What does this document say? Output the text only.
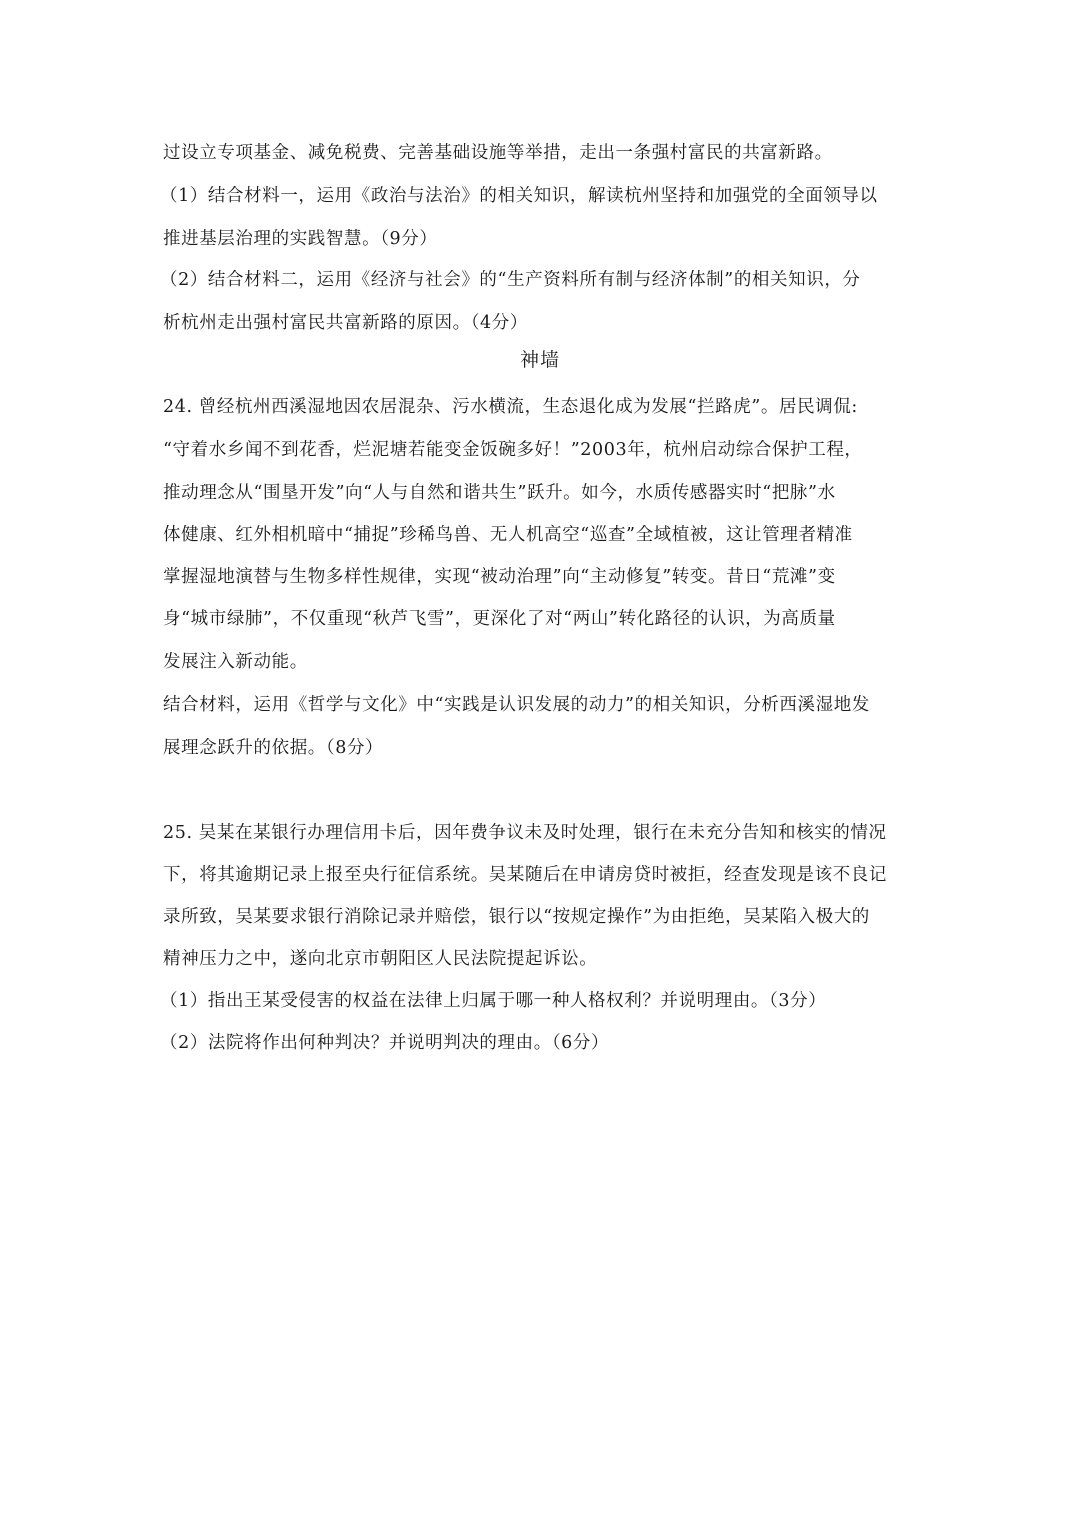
过设立专项基金、减免税费、完善基础设施等举措，走出一条强村富民的共富新路。
（1）结合材料一，运用《政治与法治》的相关知识，解读杭州坚持和加强党的全面领导以
推进基层治理的实践智慧。（9分）
（2）结合材料二，运用《经济与社会》的“生产资料所有制与经济体制”的相关知识，分
析杭州走出强村富民共富新路的原因。（4分）
神墙
24. 曾经杭州西溪湿地因农居混杂、污水横流，生态退化成为发展“拦路虎”。居民调侃:
“守着水乡闻不到花香，烂泥塘若能变金饭碗多好！”2003年，杭州启动综合保护工程，
推动理念从“围垦开发”向“人与自然和谐共生”跃升。如今，水质传感器实时“把脉”水
体健康、红外相机暗中“捕捉”珍稀鸟兽、无人机高空“巡查”全域植被，这让管理者精准
掌握湿地演替与生物多样性规律，实现“被动治理”向“主动修复”转变。昔日“荒滩”变
身“城市绿肺”，不仅重现“秋芦飞雪”，更深化了对“两山”转化路径的认识，为高质量
发展注入新动能。
结合材料，运用《哲学与文化》中“实践是认识发展的动力”的相关知识，分析西溪湿地发
展理念跃升的依据。（8分）
25. 吴某在某银行办理信用卡后，因年费争议未及时处理，银行在未充分告知和核实的情况
下，将其逾期记录上报至央行征信系统。吴某随后在申请房贷时被拒，经查发现是该不良记
录所致，吴某要求银行消除记录并赔偿，银行以“按规定操作”为由拒绝，吴某陷入极大的
精神压力之中，遂向北京市朝阳区人民法院提起诉讼。
（1）指出王某受侵害的权益在法律上归属于哪一种人格权利？并说明理由。（3分）
（2）法院将作出何种判决？并说明判决的理由。（6分）
